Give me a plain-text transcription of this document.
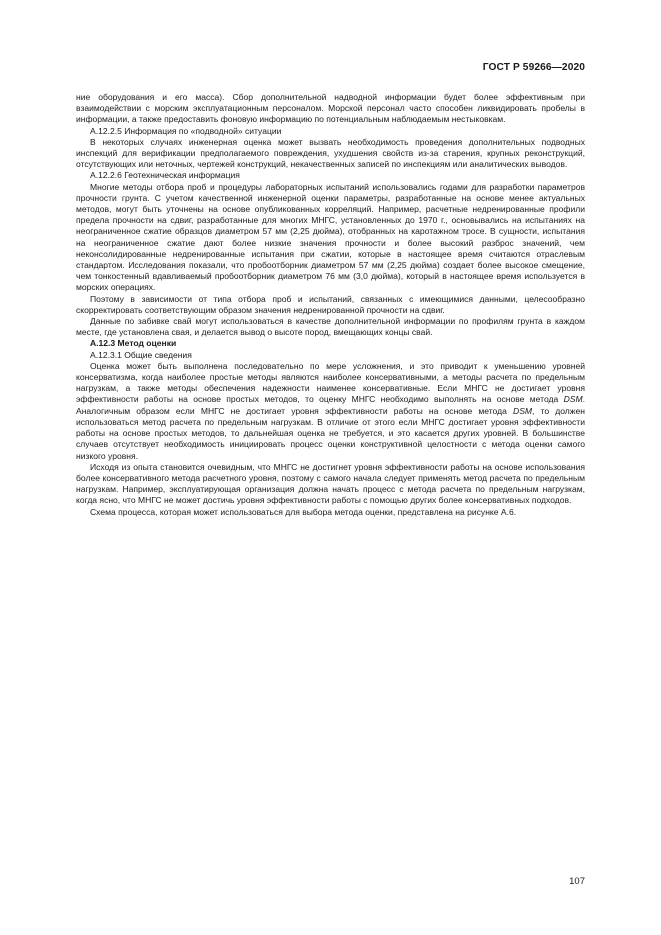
ГОСТ Р 59266—2020

ние оборудования и его масса). Сбор дополнительной надводной информации будет более эффективным при взаимодействии с морским эксплуатационным персоналом. Морской персонал часто способен ликвидировать пробелы в информации, а также предоставить фоновую информацию по потенциальным наблюдаемым нестыковкам.

А.12.2.5 Информация по «подводной» ситуации

В некоторых случаях инженерная оценка может вызвать необходимость проведения дополнительных подводных инспекций для верификации предполагаемого повреждения, ухудшения свойств из-за старения, крупных реконструкций, отсутствующих или неточных, чертежей конструкций, некачественных записей по инспекциям или аналитических выводов.

А.12.2.6 Геотехническая информация

Многие методы отбора проб и процедуры лабораторных испытаний использовались годами для разработки параметров прочности грунта. С учетом качественной инженерной оценки параметры, разработанные на основе менее актуальных методов, могут быть уточнены на основе опубликованных корреляций. Например, расчетные недренированные профили предела прочности на сдвиг, разработанные для многих МНГС, установленных до 1970 г., основывались на испытаниях на неограниченное сжатие образцов диаметром 57 мм (2,25 дюйма), отобранных на каротажном тросе. В сущности, испытания на неограниченное сжатие дают более низкие значения прочности и более высокий разброс значений, чем неконсолидированные недренированные испытания при сжатии, которые в настоящее время считаются отраслевым стандартом. Исследования показали, что пробоотборник диаметром 57 мм (2,25 дюйма) создает более высокое смещение, чем тонкостенный вдавливаемый пробоотборник диаметром 76 мм (3,0 дюйма), который в настоящее время используется в морских операциях.

Поэтому в зависимости от типа отбора проб и испытаний, связанных с имеющимися данными, целесообразно скорректировать соответствующим образом значения недренированной прочности на сдвиг.

Данные по забивке свай могут использоваться в качестве дополнительной информации по профилям грунта в каждом месте, где установлена свая, и делается вывод о высоте пород, вмещающих концы свай.

А.12.3 Метод оценки

А.12.3.1 Общие сведения

Оценка может быть выполнена последовательно по мере усложнения, и это приводит к уменьшению уровней консерватизма, когда наиболее простые методы являются наиболее консервативными, а методы расчета по предельным нагрузкам, а также методы обеспечения надежности наименее консервативные. Если МНГС не достигает уровня эффективности работы на основе простых методов, то оценку МНГС необходимо выполнять на основе метода DSM. Аналогичным образом если МНГС не достигает уровня эффективности работы на основе метода DSM, то должен использоваться метод расчета по предельным нагрузкам. В отличие от этого если МНГС достигает уровня эффективности работы на основе простых методов, то дальнейшая оценка не требуется, и это касается других уровней. В большинстве случаев отсутствует необходимость инициировать процесс оценки конструктивной целостности с метода оценки самого низкого уровня.

Исходя из опыта становится очевидным, что МНГС не достигнет уровня эффективности работы на основе использования более консервативного метода расчетного уровня, поэтому с самого начала следует применять метод расчета по предельным нагрузкам. Например, эксплуатирующая организация должна начать процесс с метода расчета по предельным нагрузкам, когда ясно, что МНГС не может достичь уровня эффективности работы с помощью других более консервативных подходов.

Схема процесса, которая может использоваться для выбора метода оценки, представлена на рисунке А.6.

107
